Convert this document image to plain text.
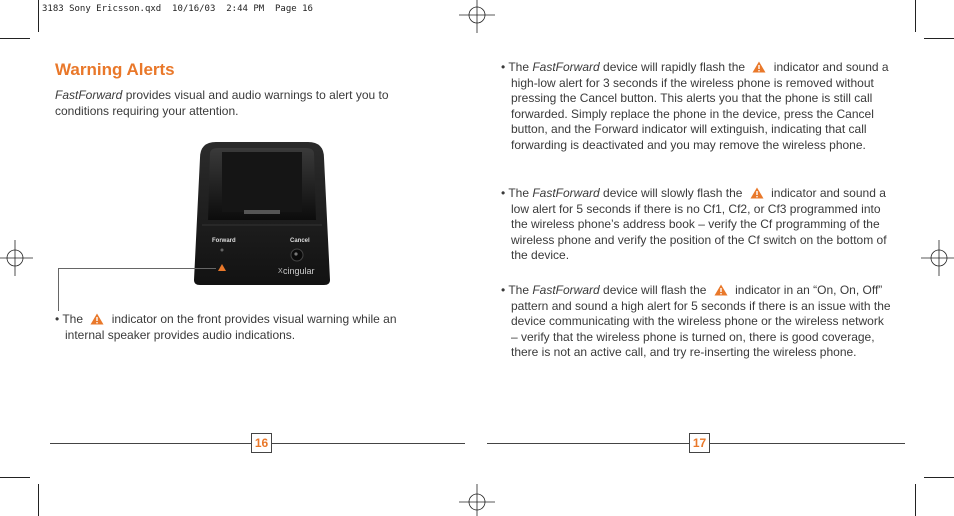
3183 Sony Ericsson.qxd  10/16/03  2:44 PM  Page 16
Warning Alerts
FastForward provides visual and audio warnings to alert you to conditions requiring your attention.
X
Forward	Cancel
cingular
• The indicator on the front provides visual warning while an internal speaker provides audio indications.
• The FastForward device will rapidly flash the indicator and sound a high-low alert for 3 seconds if the wireless phone is removed without pressing the Cancel button. This alerts you that the phone is still call forwarded. Simply replace the phone in the device, press the Cancel button, and the Forward indicator will extinguish, indicating that call forwarding is deactivated and you may remove the wireless phone.
• The FastForward device will slowly flash the indicator and sound a low alert for 5 seconds if there is no Cf1, Cf2, or Cf3 programmed into the wireless phone’s address book – verify the Cf programming of the wireless phone and verify the position of the Cf switch on the bottom of the device.
• The FastForward device will flash the indicator in an “On, On, Off” pattern and sound a high alert for 5 seconds if there is an issue with the device communicating with the wireless phone or the wireless network – verify that the wireless phone is turned on, there is good coverage, there is not an active call, and try re-inserting the wireless phone.
16	17
